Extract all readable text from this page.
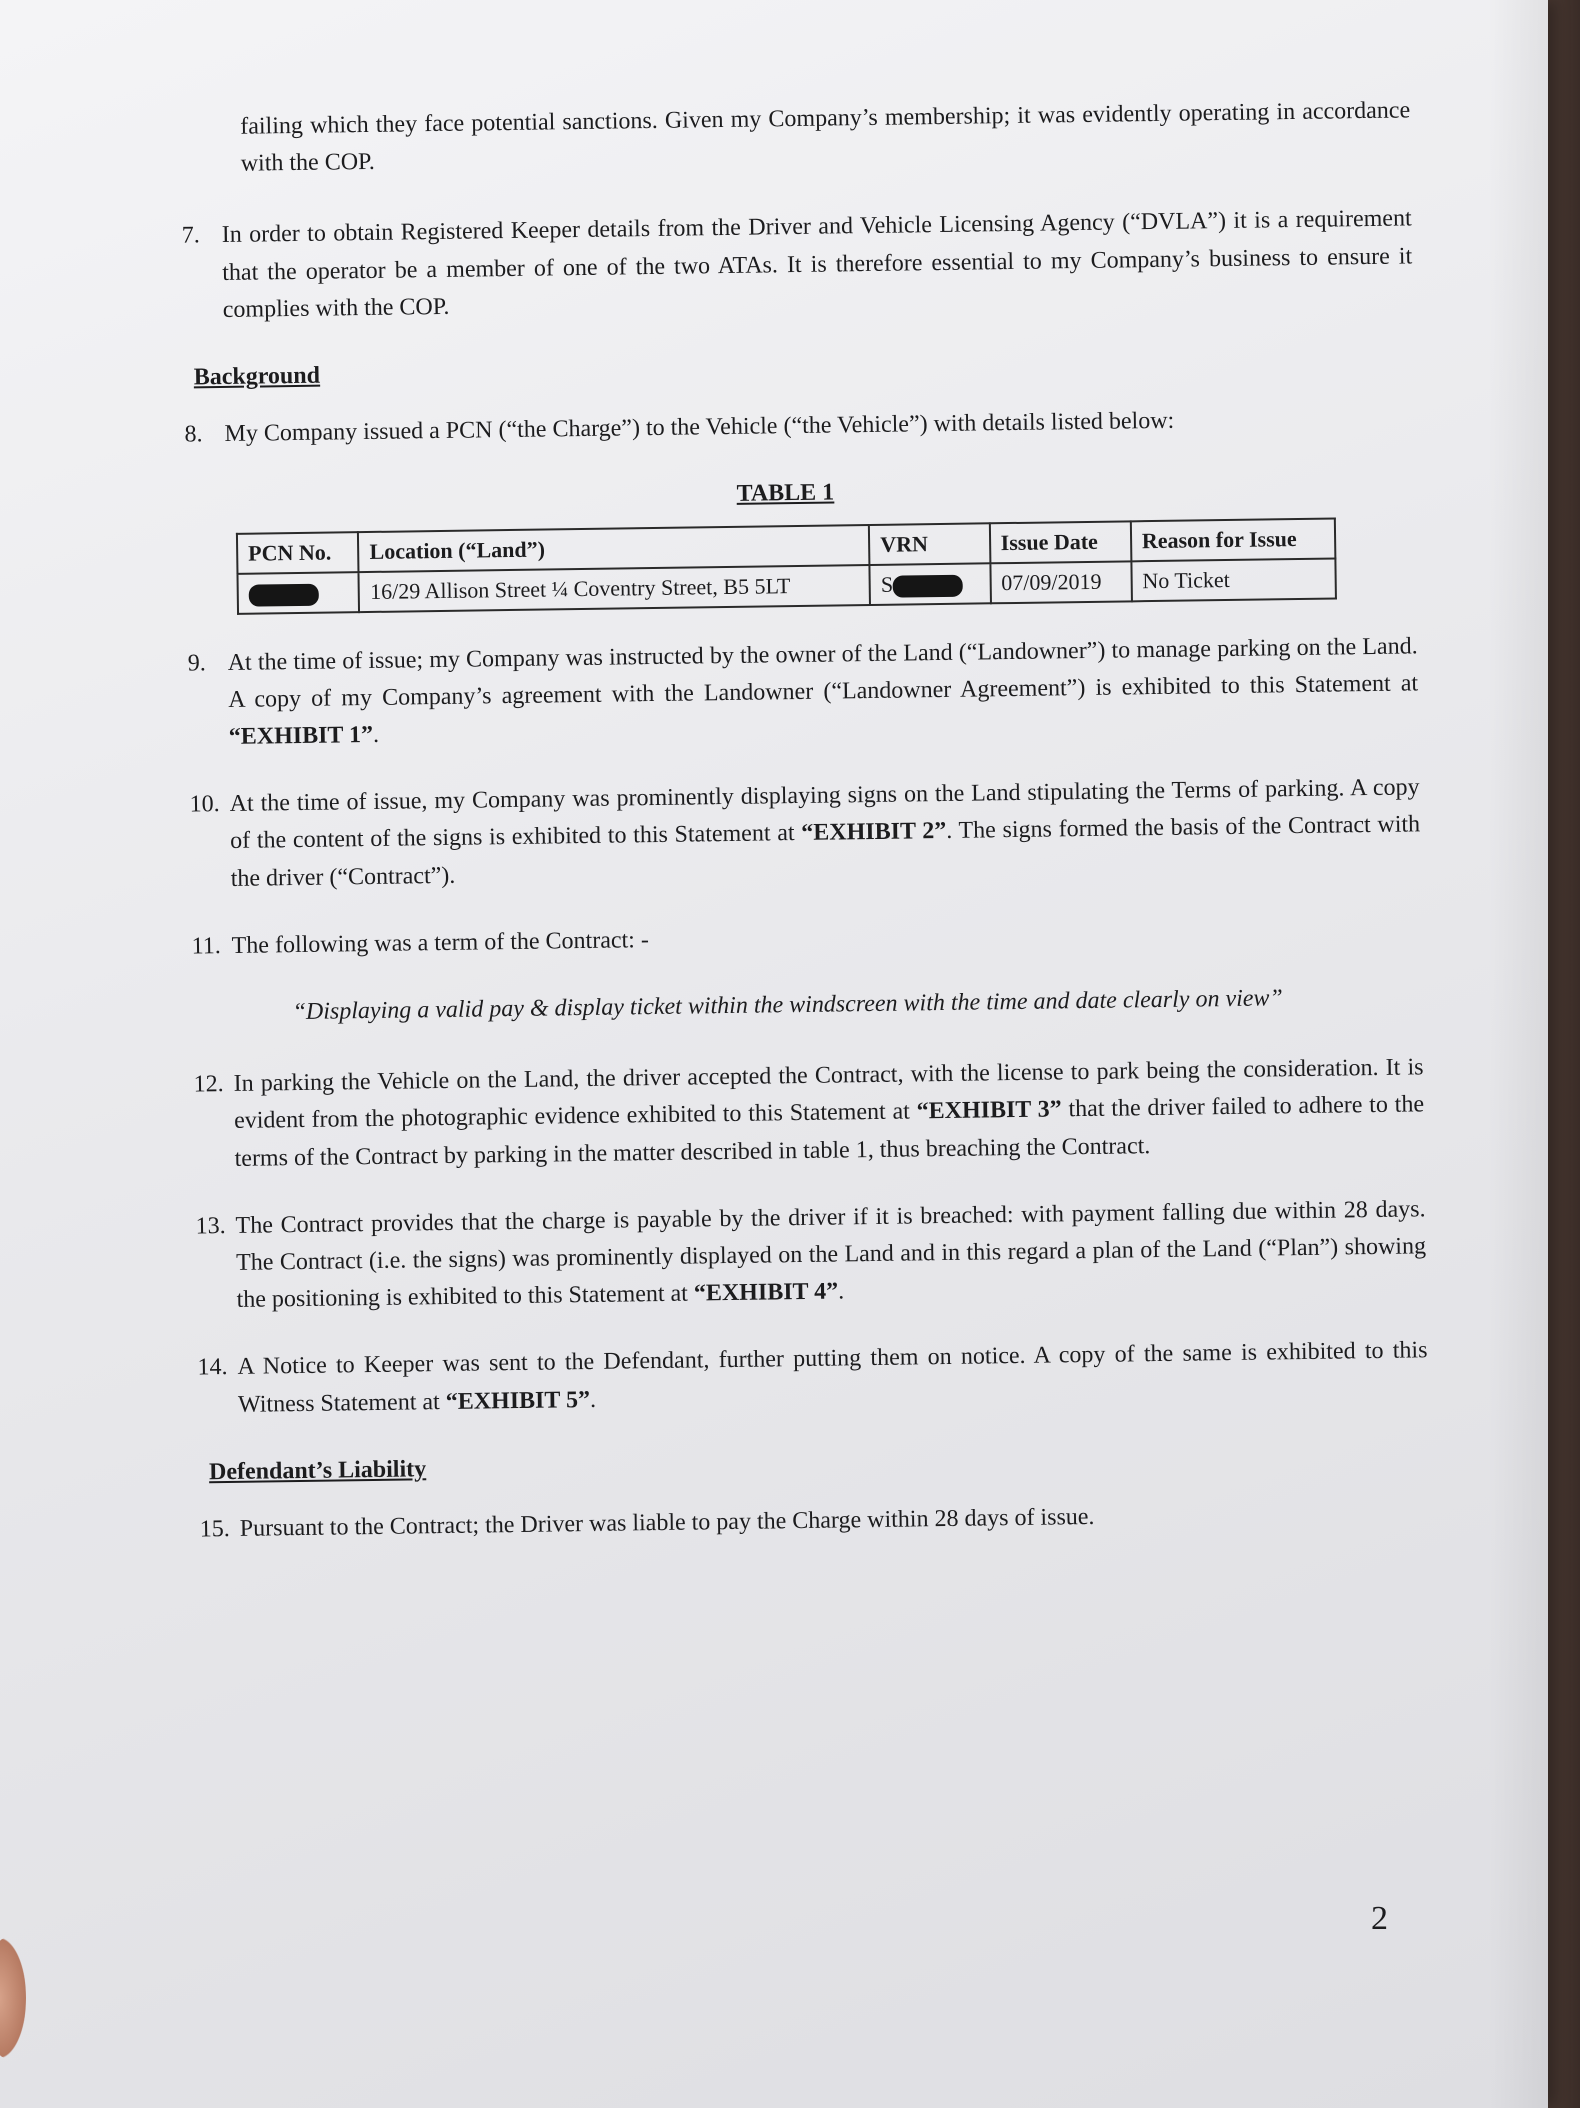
failing which they face potential sanctions. Given my Company’s membership; it was evidently operating in accordance with the COP.

7. In order to obtain Registered Keeper details from the Driver and Vehicle Licensing Agency (“DVLA”) it is a requirement that the operator be a member of one of the two ATAs. It is therefore essential to my Company’s business to ensure it complies with the COP.
Background
8. My Company issued a PCN (“the Charge”) to the Vehicle (“the Vehicle”) with details listed below:
TABLE 1
PCN No.	Location (“Land”)	VRN	Issue Date	Reason for Issue
	16/29 Allison Street ¼ Coventry Street, B5 5LT	S	07/09/2019	No Ticket
9. At the time of issue; my Company was instructed by the owner of the Land (“Landowner”) to manage parking on the Land. A copy of my Company’s agreement with the Landowner (“Landowner Agreement”) is exhibited to this Statement at “EXHIBIT 1”.
10. At the time of issue, my Company was prominently displaying signs on the Land stipulating the Terms of parking. A copy of the content of the signs is exhibited to this Statement at “EXHIBIT 2”. The signs formed the basis of the Contract with the driver (“Contract”).
11. The following was a term of the Contract: -

“Displaying a valid pay & display ticket within the windscreen with the time and date clearly on view”

12. In parking the Vehicle on the Land, the driver accepted the Contract, with the license to park being the consideration. It is evident from the photographic evidence exhibited to this Statement at “EXHIBIT 3” that the driver failed to adhere to the terms of the Contract by parking in the matter described in table 1, thus breaching the Contract.
13. The Contract provides that the charge is payable by the driver if it is breached: with payment falling due within 28 days. The Contract (i.e. the signs) was prominently displayed on the Land and in this regard a plan of the Land (“Plan”) showing the positioning is exhibited to this Statement at “EXHIBIT 4”.
14. A Notice to Keeper was sent to the Defendant, further putting them on notice. A copy of the same is exhibited to this Witness Statement at “EXHIBIT 5”.
Defendant’s Liability
15. Pursuant to the Contract; the Driver was liable to pay the Charge within 28 days of issue.
2
